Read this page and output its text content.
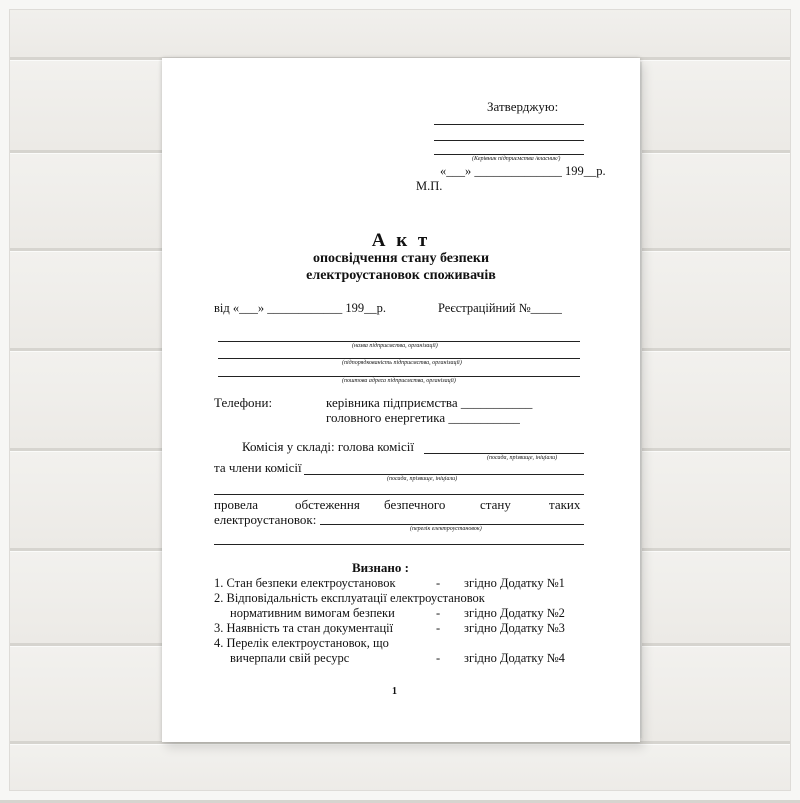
Затверджую:
(Керівник підприємства /власник/)
«___» ______________ 199__р.
М.П.
А к т
опосвідчення стану безпеки
електроустановок споживачів
від «___» ____________ 199__р.	Реєстраційний №_____
(назва підприємства, організації)
(підпорядкованість підприємства, організації)
(поштова адреса підприємства, організації)
Телефони:	керівника підприємства ___________
головного енергетика ___________
Комісія у складі: голова комісії
(посада, прізвище, ініціали)
та члени комісії
(посада, прізвище, ініціали)
провела	обстеження безпечного	стану	таких
електроустановок:
(перелік електроустановок)
Визнано :
1. Стан безпеки електроустановок	- згідно Додатку №1
2. Відповідальність експлуатації електроустановок
нормативним вимогам безпеки	- згідно Додатку №2
3. Наявність та стан документації	- згідно Додатку №3
4. Перелік електроустановок, що
вичерпали свій ресурс	- згідно Додатку №4
1
